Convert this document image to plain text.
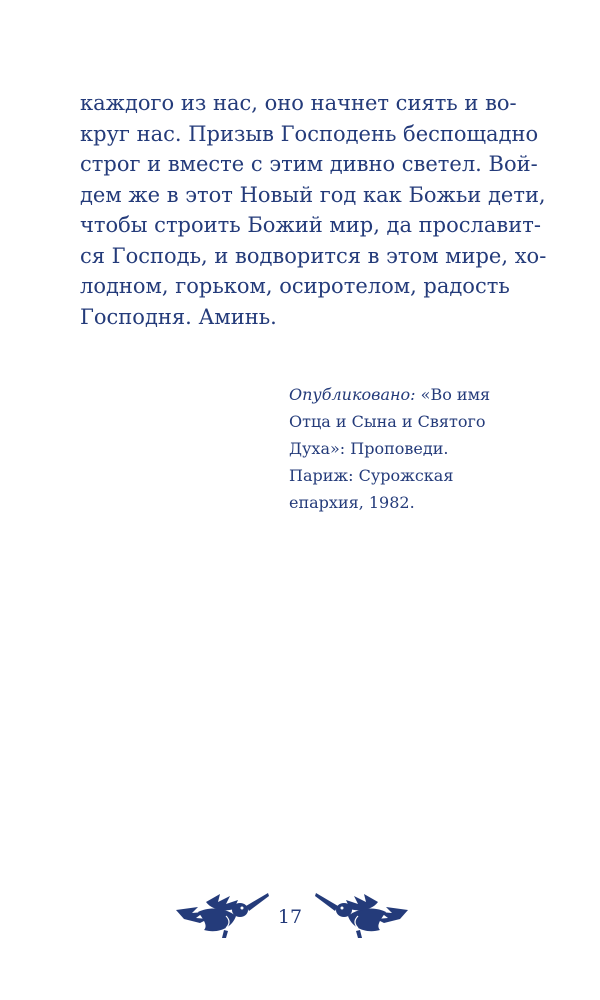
каждого из нас, оно начнет сиять и во-
круг нас. Призыв Господень беспощадно
строг и вместе с этим дивно светел. Вой-
дем же в этот Новый год как Божьи дети,
чтобы строить Божий мир, да прославит-
ся Господь, и водворится в этом мире, хо-
лодном, горьком, осиротелом, радость
Господня. Аминь.
Опубликовано: «Во имя
Отца и Сына и Святого
Духа»: Проповеди.
Париж: Сурожская
епархия, 1982.
17
